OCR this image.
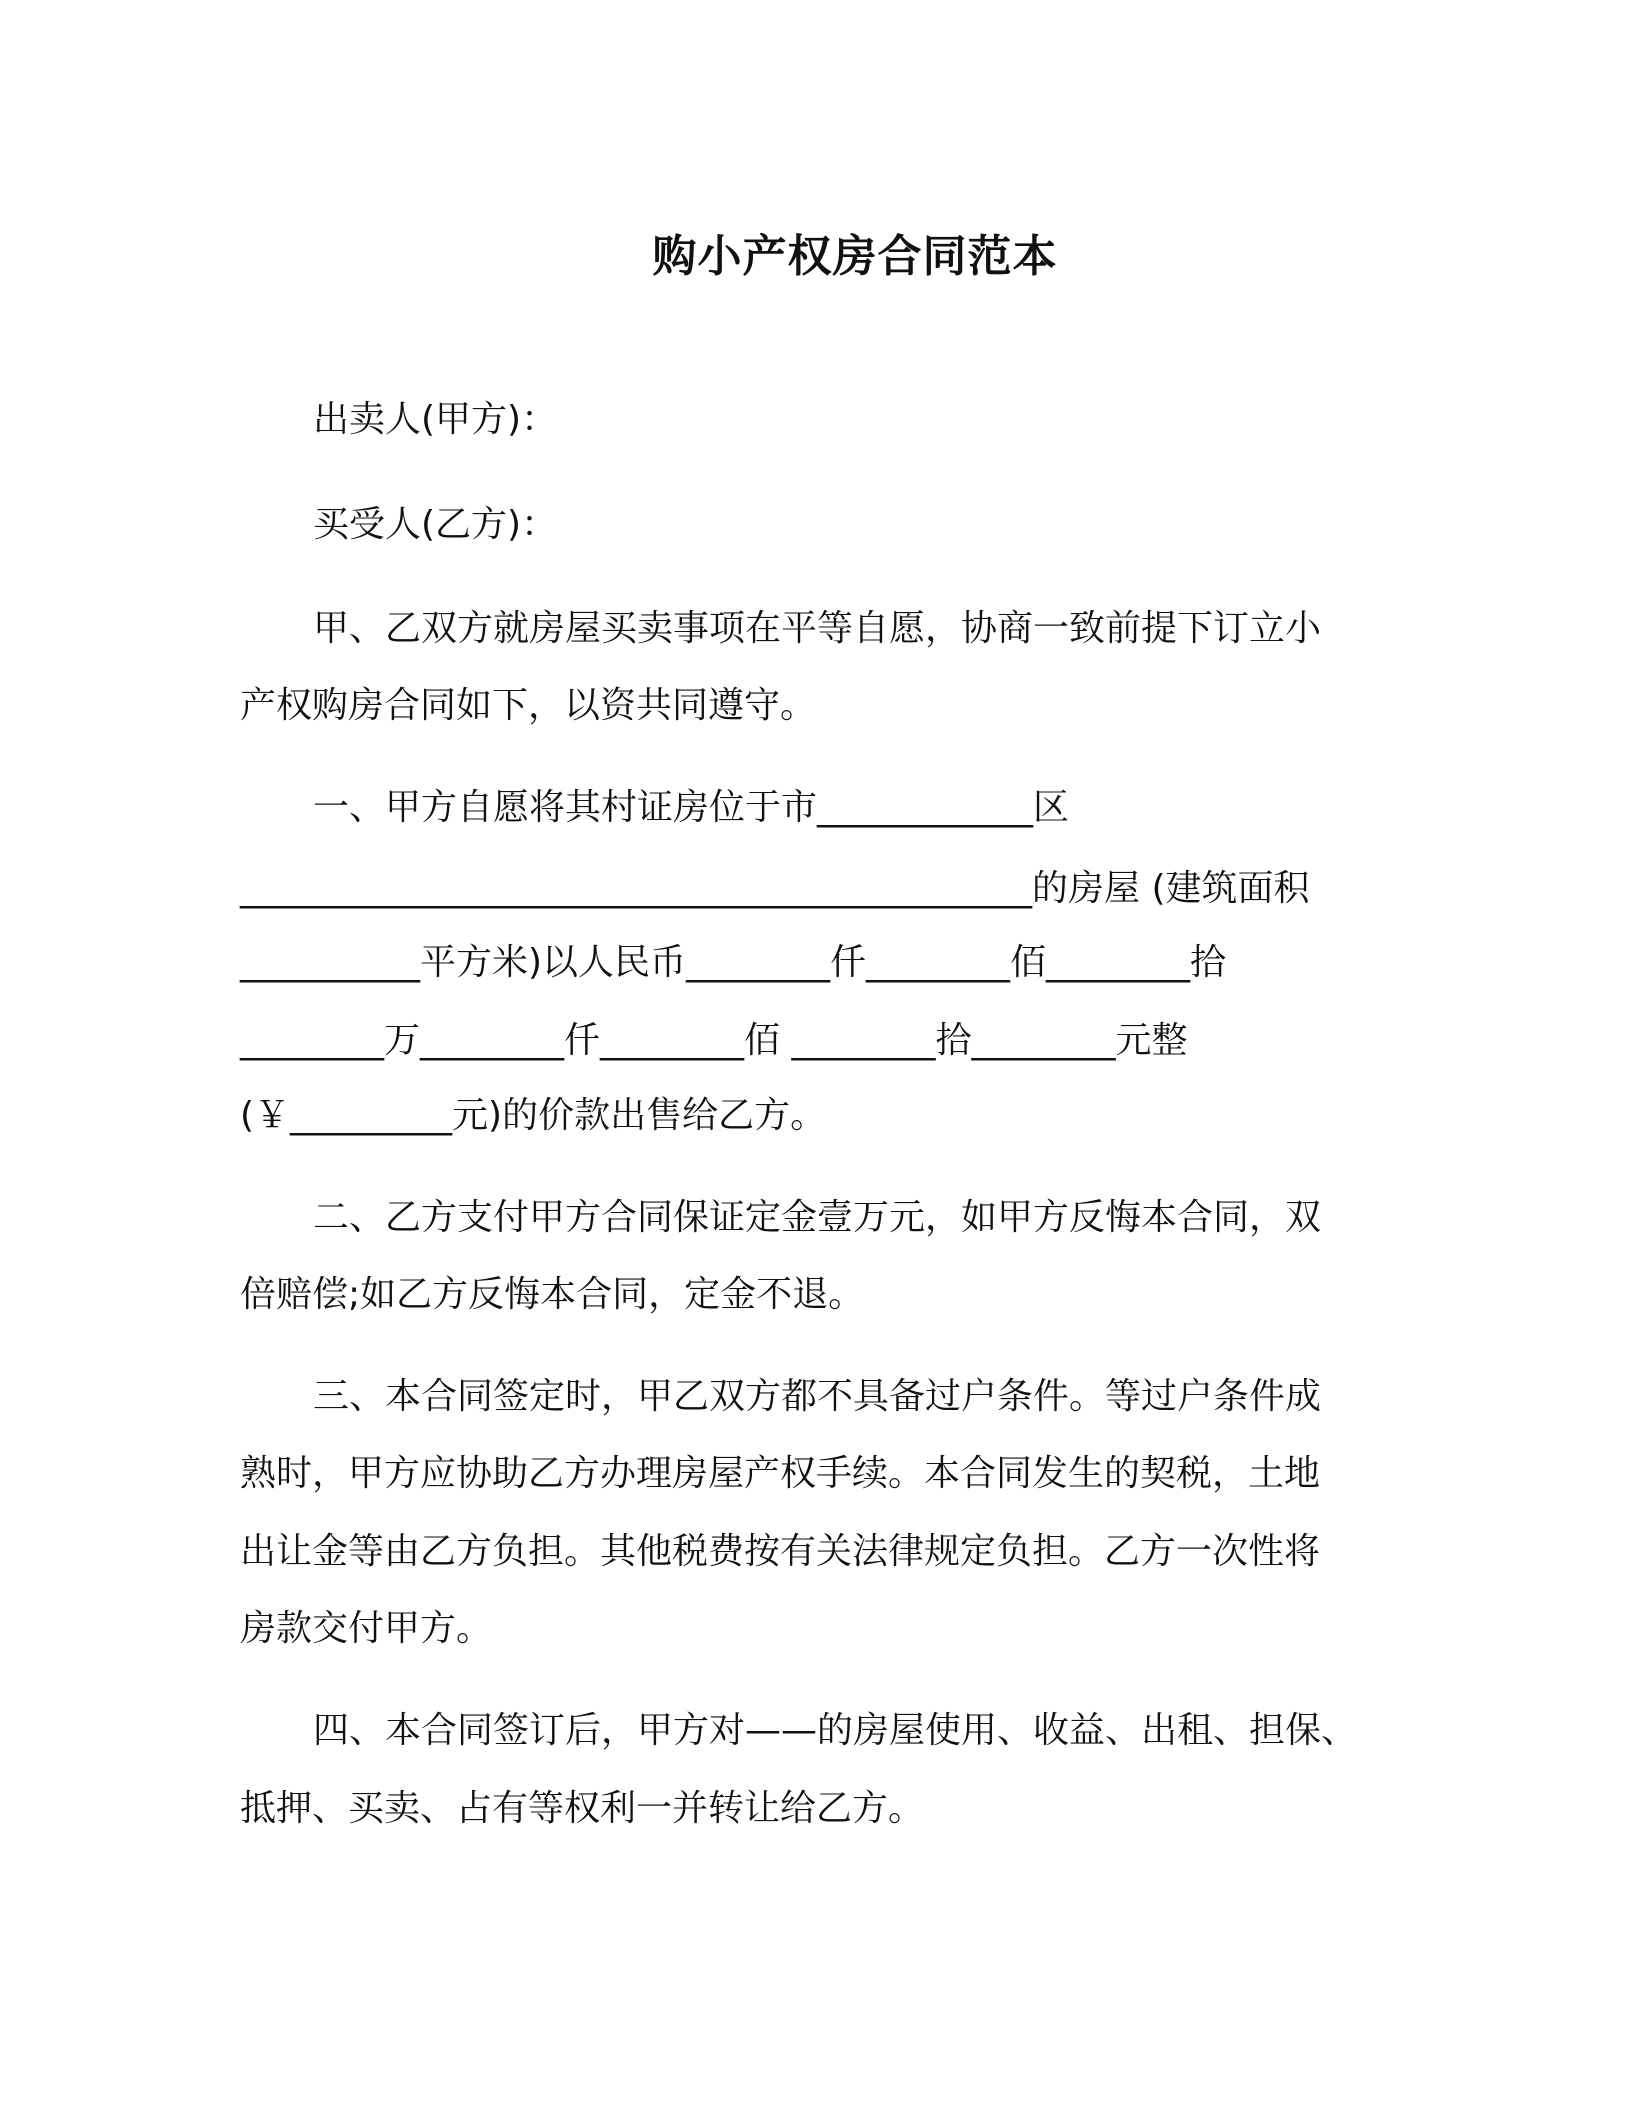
购小产权房合同范本

出卖人(甲方)：

买受人(乙方)：

甲、乙双方就房屋买卖事项在平等自愿，协商一致前提下订立小

产权购房合同如下，以资共同遵守。

一、甲方自愿将其村证房位于市____________区

____________________________________________的房屋 (建筑面积

__________平方米)以人民币________仟________佰________拾

________万________仟________佰 ________拾________元整

(￥_________元)的价款出售给乙方。

二、乙方支付甲方合同保证定金壹万元，如甲方反悔本合同，双

倍赔偿;如乙方反悔本合同，定金不退。

三、本合同签定时，甲乙双方都不具备过户条件。等过户条件成

熟时，甲方应协助乙方办理房屋产权手续。本合同发生的契税，土地

出让金等由乙方负担。其他税费按有关法律规定负担。乙方一次性将

房款交付甲方。

四、本合同签订后，甲方对——的房屋使用、收益、出租、担保、

抵押、买卖、占有等权利一并转让给乙方。
